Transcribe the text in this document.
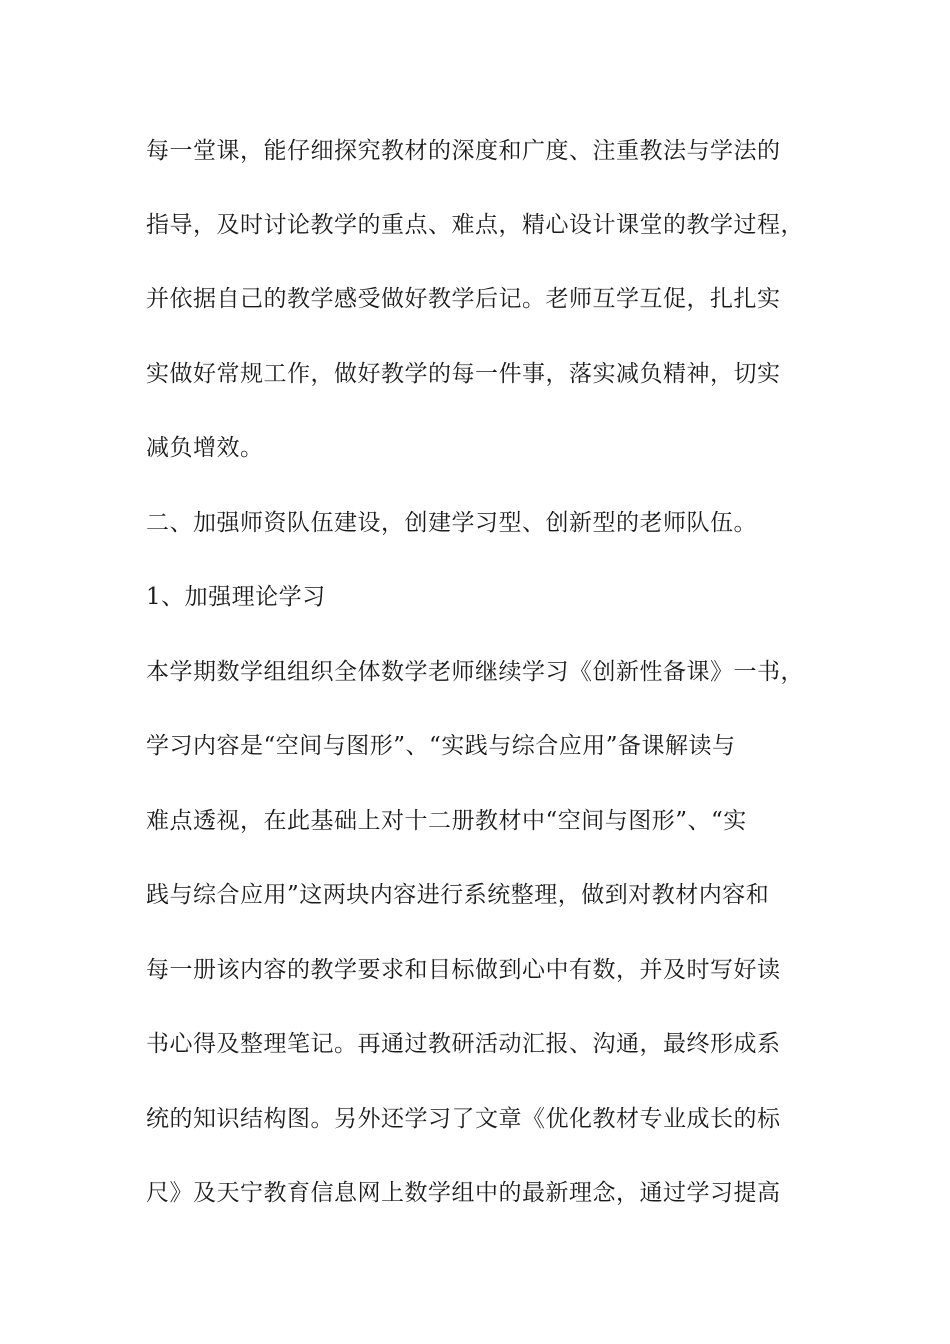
每一堂课，能仔细探究教材的深度和广度、注重教法与学法的
指导，及时讨论教学的重点、难点，精心设计课堂的教学过程，
并依据自己的教学感受做好教学后记。老师互学互促，扎扎实
实做好常规工作，做好教学的每一件事，落实减负精神，切实
减负增效。
二、加强师资队伍建设，创建学习型、创新型的老师队伍。
1、加强理论学习
本学期数学组组织全体数学老师继续学习《创新性备课》一书，
学习内容是“空间与图形”、“实践与综合应用”备课解读与
难点透视，在此基础上对十二册教材中“空间与图形”、“实
践与综合应用”这两块内容进行系统整理，做到对教材内容和
每一册该内容的教学要求和目标做到心中有数，并及时写好读
书心得及整理笔记。再通过教研活动汇报、沟通，最终形成系
统的知识结构图。另外还学习了文章《优化教材专业成长的标
尺》及天宁教育信息网上数学组中的最新理念，通过学习提高
